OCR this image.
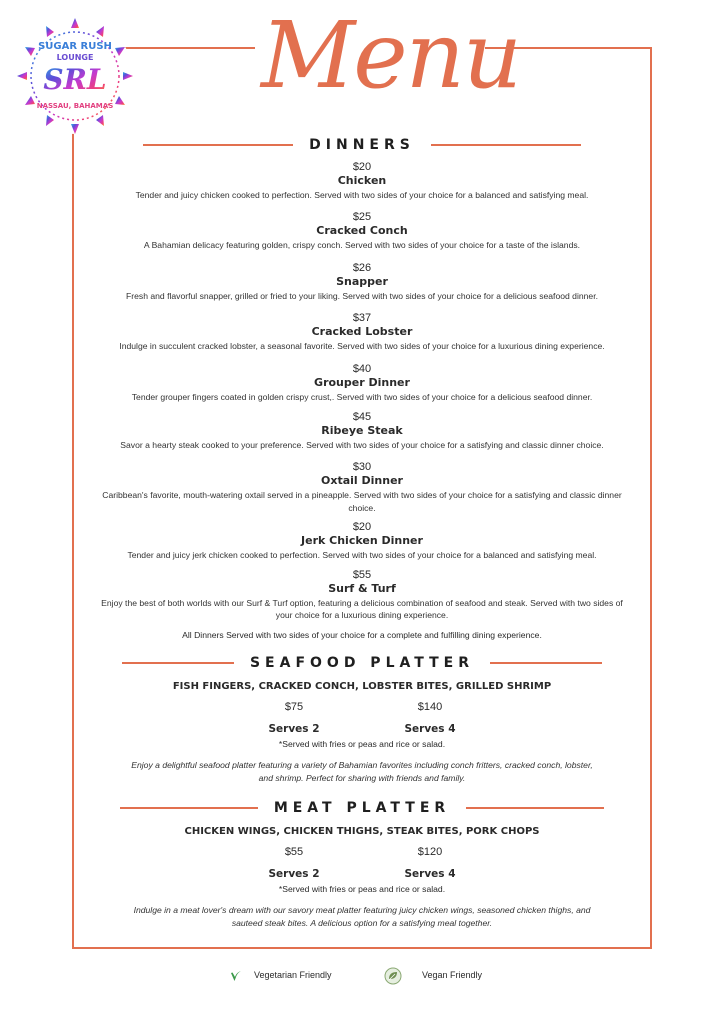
SUGAR RUSH
LOUNGE
SRL
NASSAU, BAHAMAS Menu
DINNERS
$20
Chicken
Tender and juicy chicken cooked to perfection. Served with two sides of your choice for a balanced and satisfying meal.
$25
Cracked Conch
A Bahamian delicacy featuring golden, crispy conch. Served with two sides of your choice for a taste of the islands.
$26
Snapper
Fresh and flavorful snapper, grilled or fried to your liking. Served with two sides of your choice for a delicious seafood dinner.
$37
Cracked Lobster
Indulge in succulent cracked lobster, a seasonal favorite. Served with two sides of your choice for a luxurious dining experience.
$40
Grouper Dinner
Tender grouper fingers coated in golden crispy crust,. Served with two sides of your choice for a delicious seafood dinner.
$45
Ribeye Steak
Savor a hearty steak cooked to your preference. Served with two sides of your choice for a satisfying and classic dinner choice.
$30
Oxtail Dinner
Caribbean's favorite, mouth-watering oxtail served in a pineapple. Served with two sides of your choice for a satisfying and classic dinner choice.
$20
Jerk Chicken Dinner
Tender and juicy jerk chicken cooked to perfection. Served with two sides of your choice for a balanced and satisfying meal.
$55
Surf & Turf
Enjoy the best of both worlds with our Surf & Turf option, featuring a delicious combination of seafood and steak. Served with two sides of your choice for a luxurious dining experience.
All Dinners Served with two sides of your choice for a complete and fulfilling dining experience.
SEAFOOD PLATTER
FISH FINGERS, CRACKED CONCH, LOBSTER BITES, GRILLED SHRIMP
$75
Serves 2
$140
Serves 4
*Served with fries or peas and rice or salad.
Enjoy a delightful seafood platter featuring a variety of Bahamian favorites including conch fritters, cracked conch, lobster, and shrimp. Perfect for sharing with friends and family.
MEAT PLATTER
CHICKEN WINGS, CHICKEN THIGHS, STEAK BITES, PORK CHOPS
$55
Serves 2
$120
Serves 4
*Served with fries or peas and rice or salad.
Indulge in a meat lover's dream with our savory meat platter featuring juicy chicken wings, seasoned chicken thighs, and sauteed steak bites. A delicious option for a satisfying meal together.
Vegetarian Friendly	Vegan Friendly
